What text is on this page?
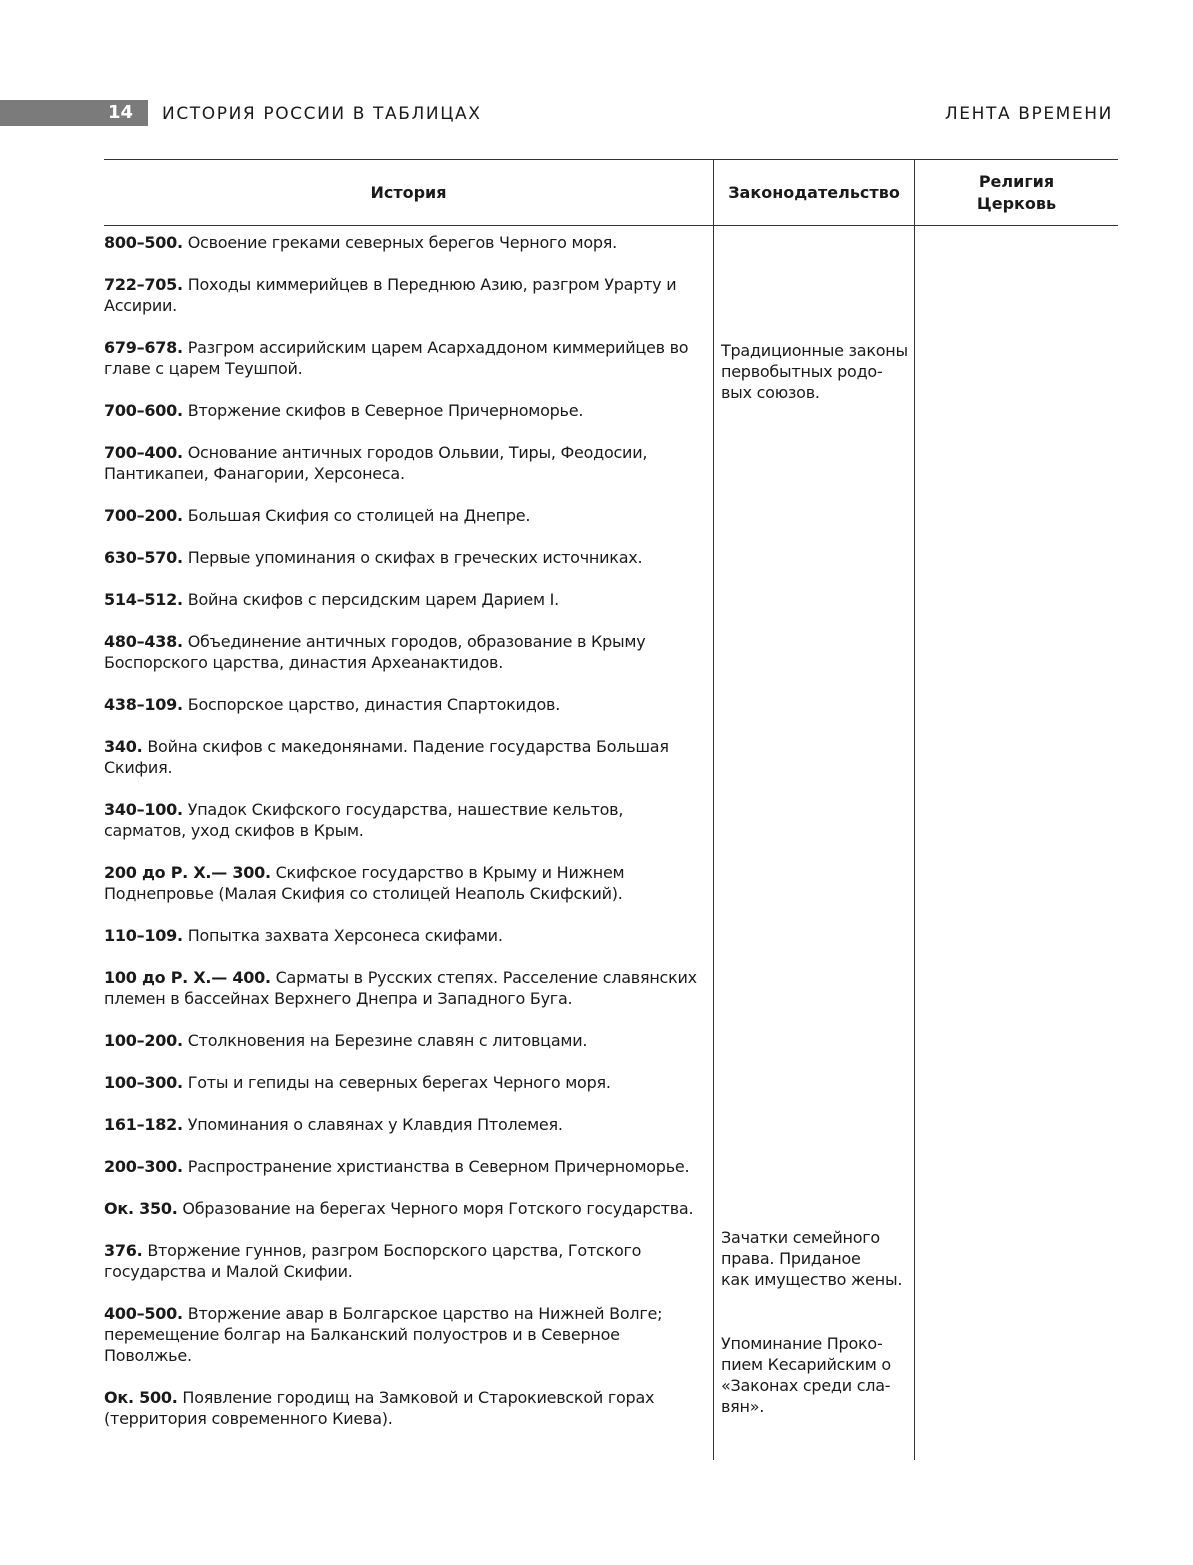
14 ИСТОРИЯ РОССИИ В ТАБЛИЦАХ	ЛЕНТА ВРЕМЕНИ
История	Законодательство
Религия
Церковь

800–500. Освоение греками северных берегов Черного моря.

722–705. Походы киммерийцев в Переднюю Азию, разгром Урарту и Ассирии.

679–678. Разгром ассирийским царем Асархаддоном киммерийцев во главе с царем Теушпой.

700–600. Вторжение скифов в Северное Причерноморье.

700–400. Основание античных городов Ольвии, Тиры, Феодосии, Пантикапеи, Фанагории, Херсонеса.

700–200. Большая Скифия со столицей на Днепре.

630–570. Первые упоминания о скифах в греческих источниках.

514–512. Война скифов с персидским царем Дарием I.

480–438. Объединение античных городов, образование в Крыму Боспорского царства, династия Археанактидов.

438–109. Боспорское царство, династия Спартокидов.

340. Война скифов с македонянами. Падение государства Большая Скифия.

340–100. Упадок Скифского государства, нашествие кельтов, сарматов, уход скифов в Крым.

200 до Р. Х.— 300. Скифское государство в Крыму и Нижнем Поднепровье (Малая Скифия со столицей Неаполь Скифский).

110–109. Попытка захвата Херсонеса скифами.

100 до Р. Х.— 400. Сарматы в Русских степях. Расселение славянских племен в бассейнах Верхнего Днепра и Западного Буга.

100–200. Столкновения на Березине славян с литовцами.

100–300. Готы и гепиды на северных берегах Черного моря.

161–182. Упоминания о славянах у Клавдия Птолемея.

200–300. Распространение христианства в Северном Причерноморье.

Ок. 350. Образование на берегах Черного моря Готского государства.

376. Вторжение гуннов, разгром Боспорского царства, Готского государства и Малой Скифии.

400–500. Вторжение авар в Болгарское царство на Нижней Волге; перемещение болгар на Балканский полуостров и в Северное Поволжье.

Ок. 500. Появление городищ на Замковой и Старокиевской горах (территория современного Киева).

Традиционные законы
первобытных родо-
вых союзов.
Зачатки семейного
права. Приданое
как имущество жены.
Упоминание Проко-
пием Кесарийским о
«Законах среди сла-
вян».
